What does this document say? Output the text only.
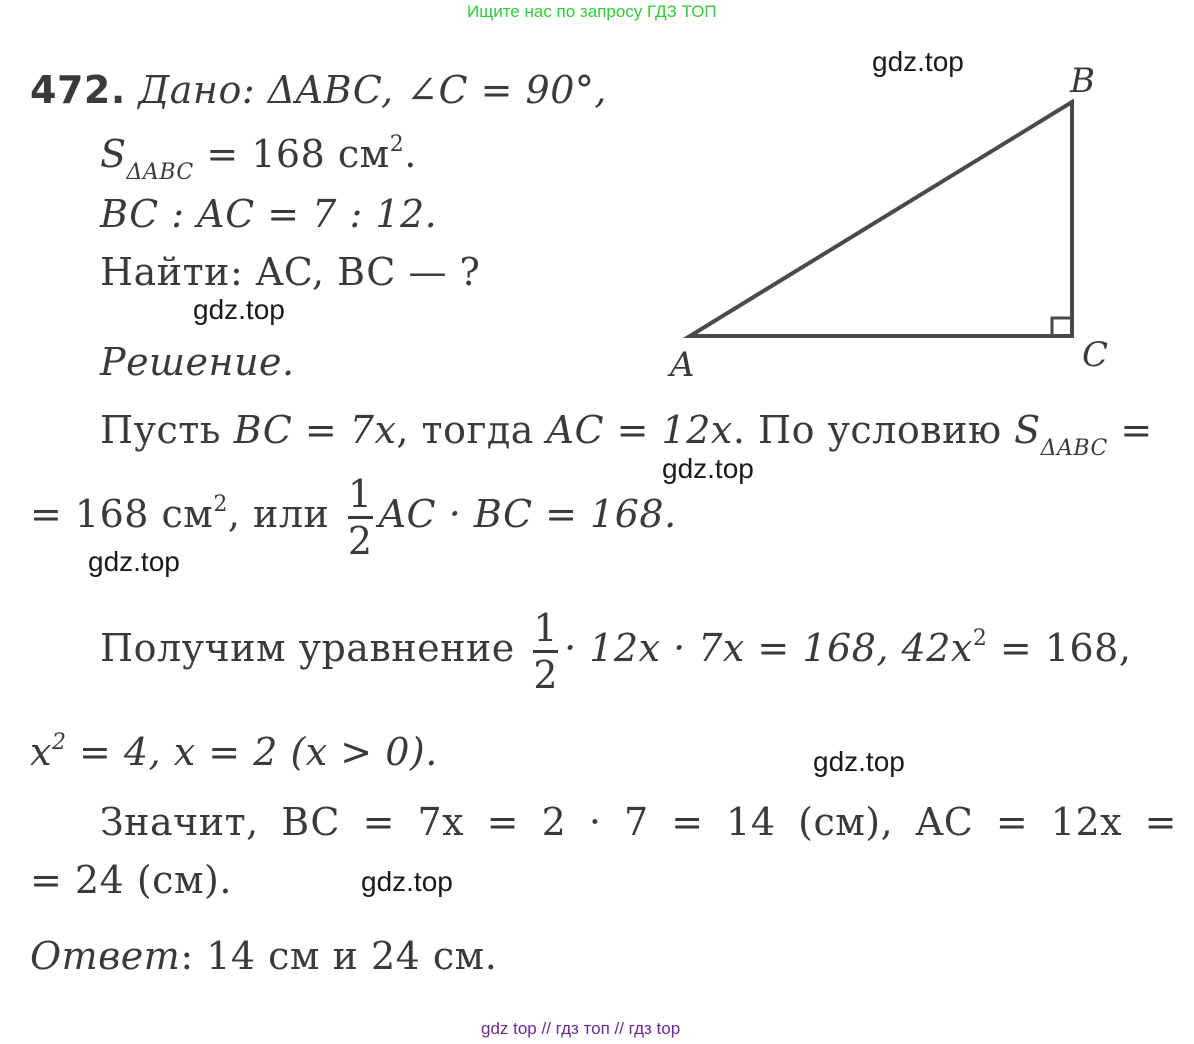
Ищите нас по запросу ГДЗ ТОП
gdz.top
gdz.top
gdz.top
gdz.top
gdz.top
gdz.top
472. Дано: ΔABC, ∠C = 90°,
$S_{\Delta ABC} = 168$ $см^2$.
BC : AC = 7 : 12.
Найти: AC, BC — ?
Решение.	A
B
C
Пусть BC = 7x, тогда AC = 12x. По условию $S_{\Delta ABC}$ =
= 168 $см^2$, или $\frac{1}{2}$ AC · BC = 168.
Получим уравнение $\frac{1}{2} \cdot 12x \cdot 7x = 168$, $42x^2 = 168$,
$x^2 = 4$, x = 2 (x > 0).
Значит, BC = 7x = 2 · 7 = 14 (см), AC = 12x =
= 24 (см).
Ответ: 14 см и 24 см.
gdz top // гдз топ // гдз top
